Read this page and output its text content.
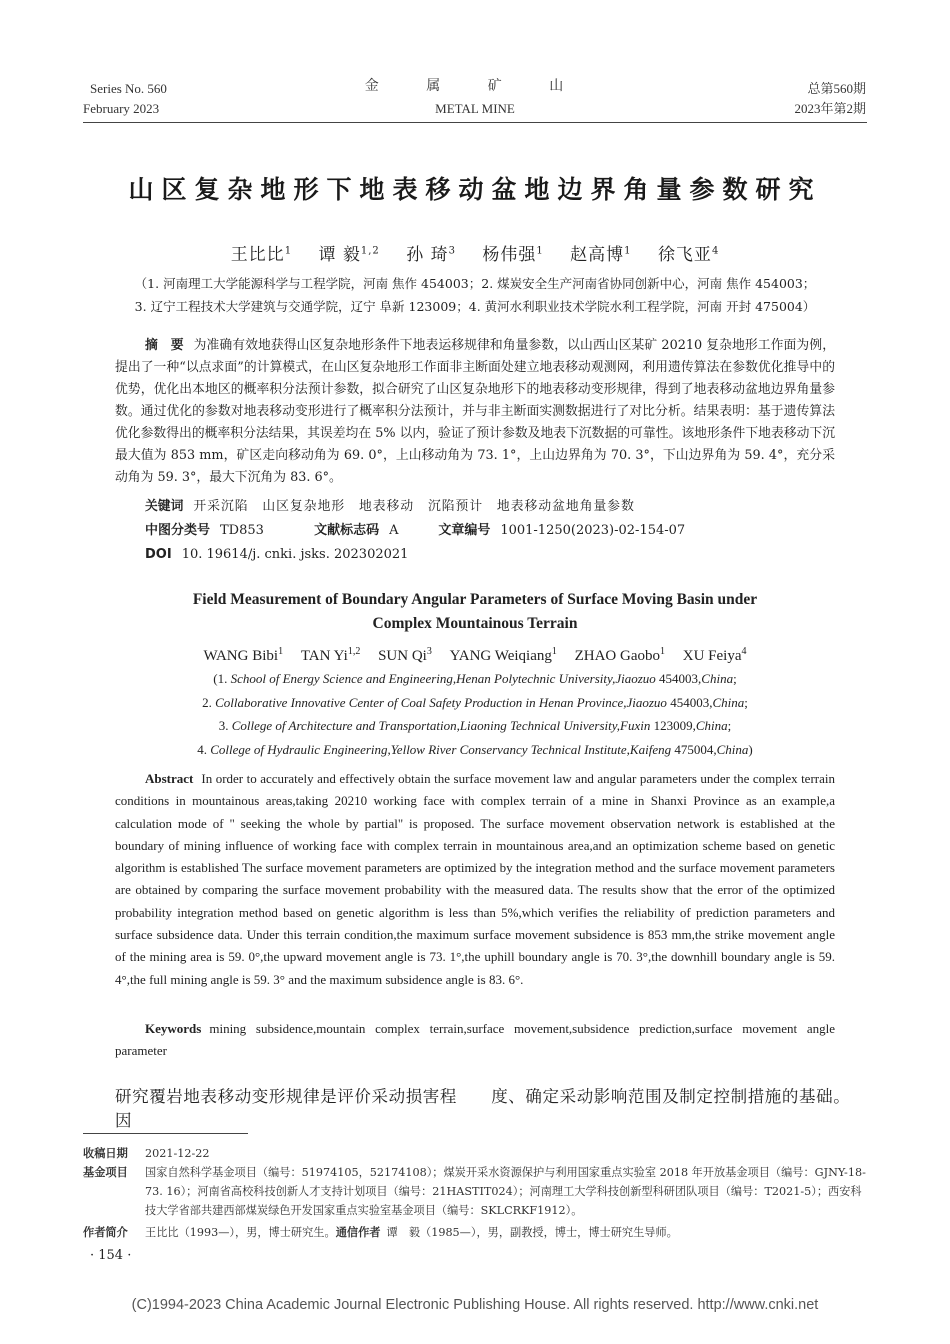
Series No. 560
February 2023
金 属 矿 山
METAL MINE
总第560期
2023年第2期
山区复杂地形下地表移动盆地边界角量参数研究
王比比$^1$ 谭 毅$^{1,2}$ 孙 琦$^3$ 杨伟强$^1$ 赵高博$^1$ 徐飞亚$^4$
（1. 河南理工大学能源科学与工程学院，河南 焦作 454003；2. 煤炭安全生产河南省协同创新中心，河南 焦作 454003；
3. 辽宁工程技术大学建筑与交通学院，辽宁 阜新 123009；4. 黄河水利职业技术学院水利工程学院，河南 开封 475004）
摘　要 为准确有效地获得山区复杂地形条件下地表运移规律和角量参数，以山西山区某矿 20210 复杂地形工作面为例，提出了一种“以点求面”的计算模式，在山区复杂地形工作面非主断面处建立地表移动观测网，利用遗传算法在参数优化推导中的优势，优化出本地区的概率积分法预计参数，拟合研究了山区复杂地形下的地表移动变形规律，得到了地表移动盆地边界角量参数。通过优化的参数对地表移动变形进行了概率积分法预计，并与非主断面实测数据进行了对比分析。结果表明：基于遗传算法优化参数得出的概率积分法结果，其误差均在 5% 以内，验证了预计参数及地表下沉数据的可靠性。该地形条件下地表移动下沉最大值为 853 mm，矿区走向移动角为 69. 0°，上山移动角为 73. 1°，上山边界角为 70. 3°，下山边界角为 59. 4°，充分采动角为 59. 3°，最大下沉角为 83. 6°。
关键词 开采沉陷　山区复杂地形　地表移动　沉陷预计　地表移动盆地角量参数
中图分类号 TD853	文献标志码 A	文章编号 1001-1250(2023)-02-154-07
DOI 10. 19614/j. cnki. jsks. 202302021
Field Measurement of Boundary Angular Parameters of Surface Moving Basin under
Complex Mountainous Terrain
WANG Bibi$^1$ TAN Yi$^{1,2}$ SUN Qi$^3$ YANG Weiqiang$^1$ ZHAO Gaobo$^1$ XU Feiya$^4$
(1. School of Energy Science and Engineering,Henan Polytechnic University,Jiaozuo 454003,China;
2. Collaborative Innovative Center of Coal Safety Production in Henan Province,Jiaozuo 454003,China;
3. College of Architecture and Transportation,Liaoning Technical University,Fuxin 123009,China;
4. College of Hydraulic Engineering,Yellow River Conservancy Technical Institute,Kaifeng 475004,China)
Abstract In order to accurately and effectively obtain the surface movement law and angular parameters under the complex terrain conditions in mountainous areas,taking 20210 working face with complex terrain of a mine in Shanxi Province as an example,a calculation mode of " seeking the whole by partial" is proposed. The surface movement observation network is established at the boundary of mining influence of working face with complex terrain in mountainous area,and an optimization scheme based on genetic algorithm is established The surface movement parameters are optimized by the integration method and the surface movement parameters are obtained by comparing the surface movement probability with the measured data. The results show that the error of the optimized probability integration method based on genetic algorithm is less than 5%,which verifies the reliability of prediction parameters and surface subsidence data. Under this terrain condition,the maximum surface movement subsidence is 853 mm,the strike movement angle of the mining area is 59. 0°,the upward movement angle is 73. 1°,the uphill boundary angle is 70. 3°,the downhill boundary angle is 59. 4°,the full mining angle is 59. 3° and the maximum subsidence angle is 83. 6°.
Keywords mining subsidence,mountain complex terrain,surface movement,subsidence prediction,surface movement angle parameter
研究覆岩地表移动变形规律是评价采动损害程　　度、确定采动影响范围及制定控制措施的基础。因
收稿日期 2021-12-22
基金项目 国家自然科学基金项目（编号：51974105，52174108）；煤炭开采水资源保护与利用国家重点实验室 2018 年开放基金项目（编号：GJNY-18-73. 16）；河南省高校科技创新人才支持计划项目（编号：21HASTIT024）；河南理工大学科技创新型科研团队项目（编号：T2021-5）；西安科技大学省部共建西部煤炭绿色开发国家重点实验室基金项目（编号：SKLCRKF1912）。
作者简介 王比比（1993—），男，博士研究生。通信作者 谭　毅（1985—），男，副教授，博士，博士研究生导师。
· 154 ·
(C)1994-2023 China Academic Journal Electronic Publishing House. All rights reserved. http://www.cnki.net
